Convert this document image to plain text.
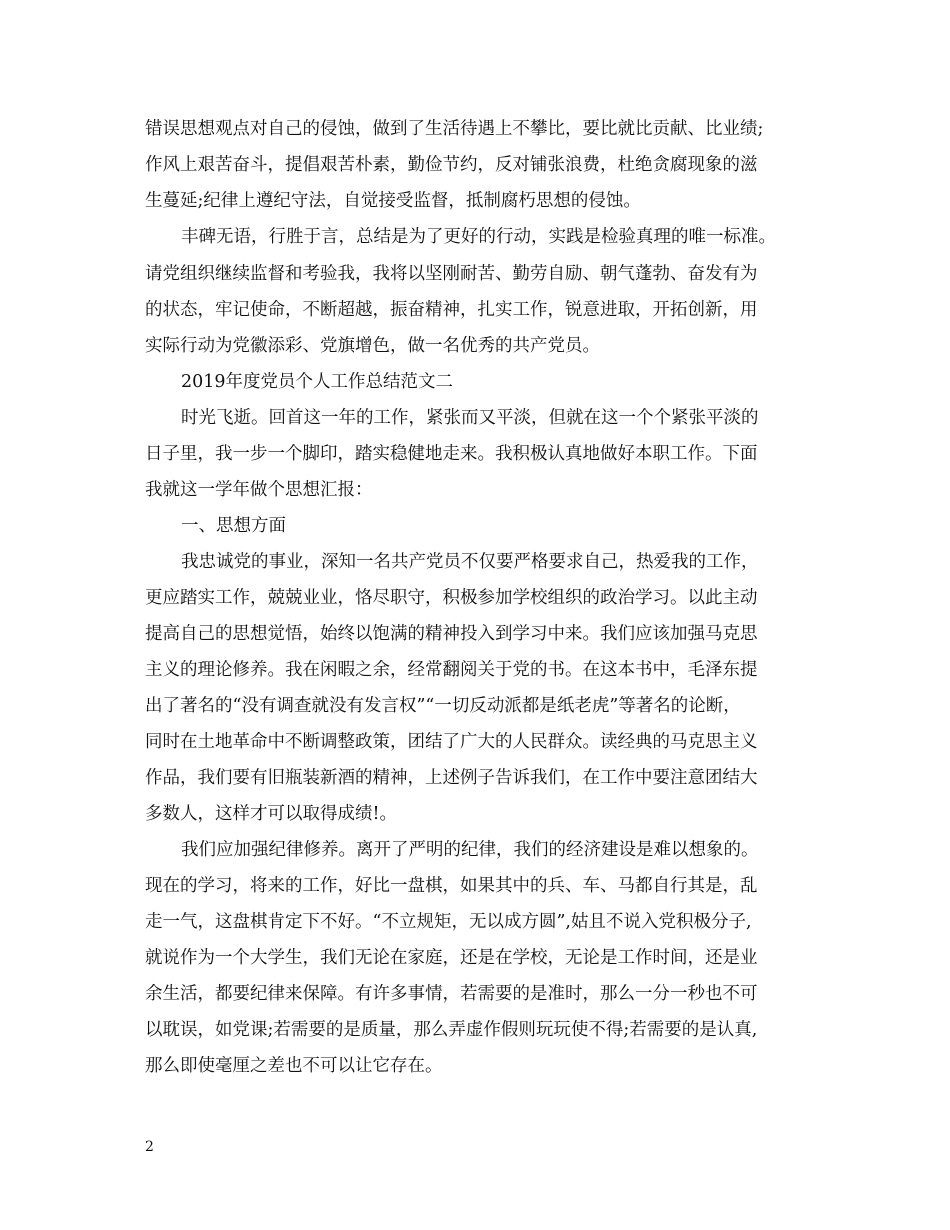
错误思想观点对自己的侵蚀，做到了生活待遇上不攀比，要比就比贡献、比业绩;
作风上艰苦奋斗，提倡艰苦朴素，勤俭节约，反对铺张浪费，杜绝贪腐现象的滋
生蔓延;纪律上遵纪守法，自觉接受监督，抵制腐朽思想的侵蚀。
丰碑无语，行胜于言，总结是为了更好的行动，实践是检验真理的唯一标准。
请党组织继续监督和考验我，我将以坚刚耐苦、勤劳自励、朝气蓬勃、奋发有为
的状态，牢记使命，不断超越，振奋精神，扎实工作，锐意进取，开拓创新，用
实际行动为党徽添彩、党旗增色，做一名优秀的共产党员。
2019年度党员个人工作总结范文二
时光飞逝。回首这一年的工作，紧张而又平淡，但就在这一个个紧张平淡的
日子里，我一步一个脚印，踏实稳健地走来。我积极认真地做好本职工作。下面
我就这一学年做个思想汇报：
一、思想方面
我忠诚党的事业，深知一名共产党员不仅要严格要求自己，热爱我的工作，
更应踏实工作，兢兢业业，恪尽职守，积极参加学校组织的政治学习。以此主动
提高自己的思想觉悟，始终以饱满的精神投入到学习中来。我们应该加强马克思
主义的理论修养。我在闲暇之余，经常翻阅关于党的书。在这本书中，毛泽东提
出了著名的“没有调查就没有发言权”“一切反动派都是纸老虎”等著名的论断，
同时在土地革命中不断调整政策，团结了广大的人民群众。读经典的马克思主义
作品，我们要有旧瓶装新酒的精神，上述例子告诉我们，在工作中要注意团结大
多数人，这样才可以取得成绩!。
我们应加强纪律修养。离开了严明的纪律，我们的经济建设是难以想象的。
现在的学习，将来的工作，好比一盘棋，如果其中的兵、车、马都自行其是，乱
走一气，这盘棋肯定下不好。“不立规矩，无以成方圆”,姑且不说入党积极分子,
就说作为一个大学生，我们无论在家庭，还是在学校，无论是工作时间，还是业
余生活，都要纪律来保障。有许多事情，若需要的是准时，那么一分一秒也不可
以耽误，如党课;若需要的是质量，那么弄虚作假则玩玩使不得;若需要的是认真,
那么即使毫厘之差也不可以让它存在。
2
